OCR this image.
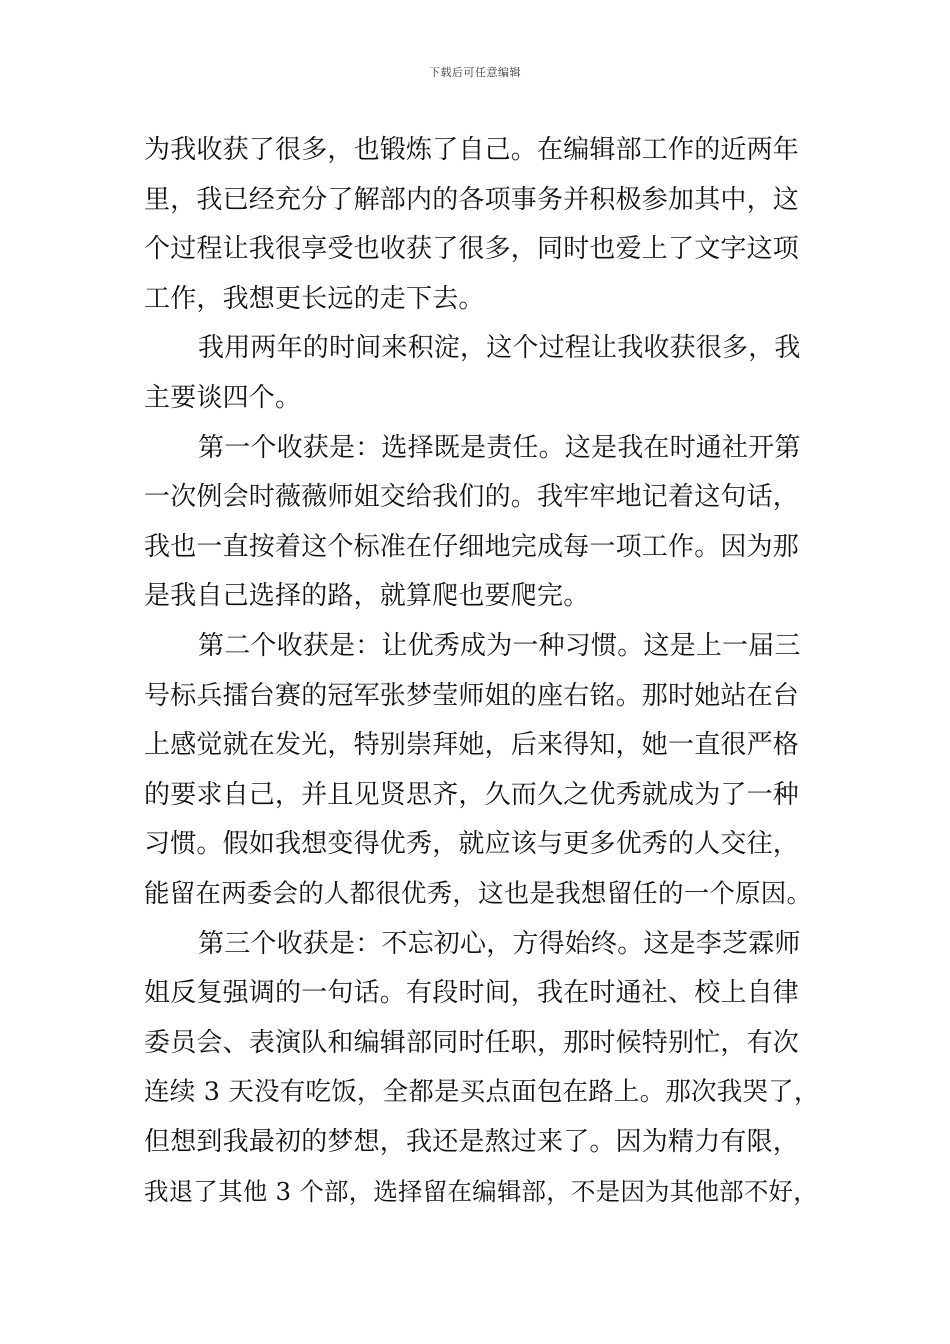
下载后可任意编辑
为我收获了很多，也锻炼了自己。在编辑部工作的近两年
里，我已经充分了解部内的各项事务并积极参加其中，这
个过程让我很享受也收获了很多，同时也爱上了文字这项
工作，我想更长远的走下去。
我用两年的时间来积淀，这个过程让我收获很多，我
主要谈四个。
第一个收获是：选择既是责任。这是我在时通社开第
一次例会时薇薇师姐交给我们的。我牢牢地记着这句话，
我也一直按着这个标准在仔细地完成每一项工作。因为那
是我自己选择的路，就算爬也要爬完。
第二个收获是：让优秀成为一种习惯。这是上一届三
号标兵擂台赛的冠军张梦莹师姐的座右铭。那时她站在台
上感觉就在发光，特别崇拜她，后来得知，她一直很严格
的要求自己，并且见贤思齐，久而久之优秀就成为了一种
习惯。假如我想变得优秀，就应该与更多优秀的人交往，
能留在两委会的人都很优秀，这也是我想留任的一个原因。
第三个收获是：不忘初心，方得始终。这是李芝霖师
姐反复强调的一句话。有段时间，我在时通社、校上自律
委员会、表演队和编辑部同时任职，那时候特别忙，有次
连续 3 天没有吃饭，全都是买点面包在路上。那次我哭了，
但想到我最初的梦想，我还是熬过来了。因为精力有限，
我退了其他 3 个部，选择留在编辑部，不是因为其他部不好，
